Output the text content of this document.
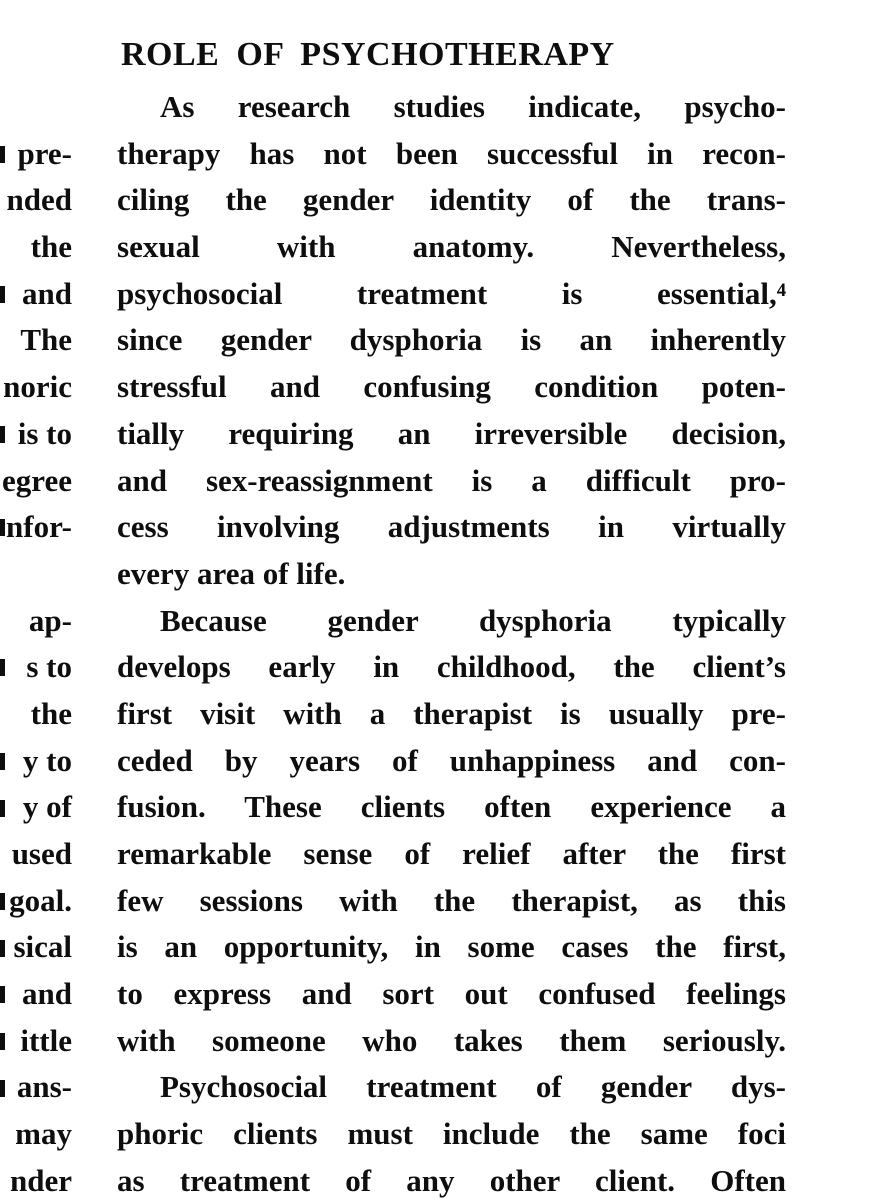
pre-
nded
the
and
The
noric
is to
egree
nfor-
ap-
s to
the
y to
y of
used
goal.
sical
and
ittle
ans-
may
nder
ROLE OF PSYCHOTHERAPY
As research studies indicate, psycho-
therapy has not been successful in recon-
ciling the gender identity of the trans-
sexual with anatomy. Nevertheless,
psychosocial treatment is essential,⁴
since gender dysphoria is an inherently
stressful and confusing condition poten-
tially requiring an irreversible decision,
and sex-reassignment is a difficult pro-
cess involving adjustments in virtually
every area of life.
Because gender dysphoria typically
develops early in childhood, the client’s
first visit with a therapist is usually pre-
ceded by years of unhappiness and con-
fusion. These clients often experience a
remarkable sense of relief after the first
few sessions with the therapist, as this
is an opportunity, in some cases the first,
to express and sort out confused feelings
with someone who takes them seriously.
Psychosocial treatment of gender dys-
phoric clients must include the same foci
as treatment of any other client. Often
